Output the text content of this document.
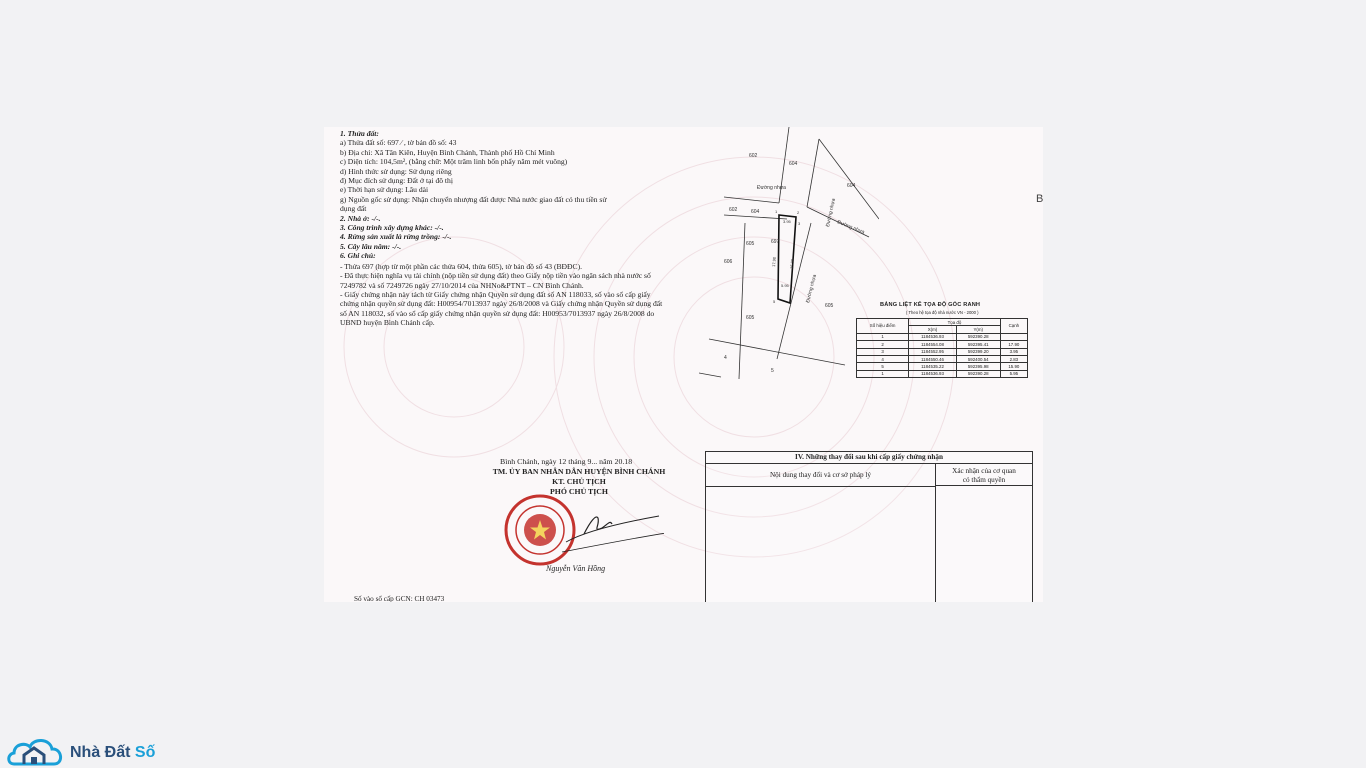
1. Thửa đất:

a) Thửa đất số: 697 ⁄ , tờ bản đồ số: 43

b) Địa chỉ: Xã Tân Kiên, Huyện Bình Chánh, Thành phố Hồ Chí Minh

c) Diện tích: 104,5m², (bằng chữ: Một trăm linh bốn phẩy năm mét vuông)

d) Hình thức sử dụng: Sử dụng riêng

đ) Mục đích sử dụng: Đất ở tại đô thị

e) Thời hạn sử dụng: Lâu dài

g) Nguồn gốc sử dụng: Nhận chuyển nhượng đất được Nhà nước giao đất có thu tiền sử

dụng đất

2. Nhà ở: -/-.

3. Công trình xây dựng khác: -/-.

4. Rừng sản xuất là rừng trồng: -/-.

5. Cây lâu năm: -/-.

6. Ghi chú:

- Thửa 697 (hợp từ một phần các thửa 604, thửa 605), tờ bản đồ số 43 (BĐĐC).

- Đã thực hiện nghĩa vụ tài chính (nộp tiền sử dụng đất) theo Giấy nộp tiền vào ngân sách nhà nước số 7249782 và số 7249726 ngày 27/10/2014 của NHNo&PTNT – CN Bình Chánh.

- Giấy chứng nhận này tách từ Giấy chứng nhận Quyền sử dụng đất số AN 118033, số vào sổ cấp giấy chứng nhận quyền sử dụng đất: H00954/7013937 ngày 26/8/2008 và Giấy chứng nhận Quyền sử dụng đất số AN 118032, số vào sổ cấp giấy chứng nhận quyền sử dụng đất: H00953/7013937 ngày 26/8/2008 do UBND huyện Bình Chánh cấp.

602
604
604
602	604
605
606
605
605
697
4
5
Đường nhựa
Đường nhựa
Đường nhựa
Đường nhựa
3.95
5.95
15.90
17.90
1	2
3
5
BẢNG LIỆT KÊ TỌA ĐỘ GÓC RANH
( Theo hệ tọa độ nhà nước VN - 2000 )
Số hiệu điểm	Tọa độ		Cạnh
	X(m)	Y(m)	
1	1184536.93	592390.28	
2	1184554.08	592395.41	17.90
3	1184552.95	592399.20	3.95
4	1184550.46	592400.54	2.83
5	1184535.22	592395.98	15.90
1	1184536.93	592390.28	5.95
Bình Chánh, ngày 12 tháng 9... năm 20.18
TM. ỦY BAN NHÂN DÂN HUYỆN BÌNH CHÁNH
KT. CHỦ TỊCH
PHÓ CHỦ TỊCH
Nguyễn Văn Hồng
Số vào sổ cấp GCN: CH 03473
IV. Những thay đổi sau khi cấp giấy chứng nhận
Nội dung thay đổi và cơ sở pháp lý	Xác nhận của cơ quan
có thẩm quyền
B
Nhà Đất Số
